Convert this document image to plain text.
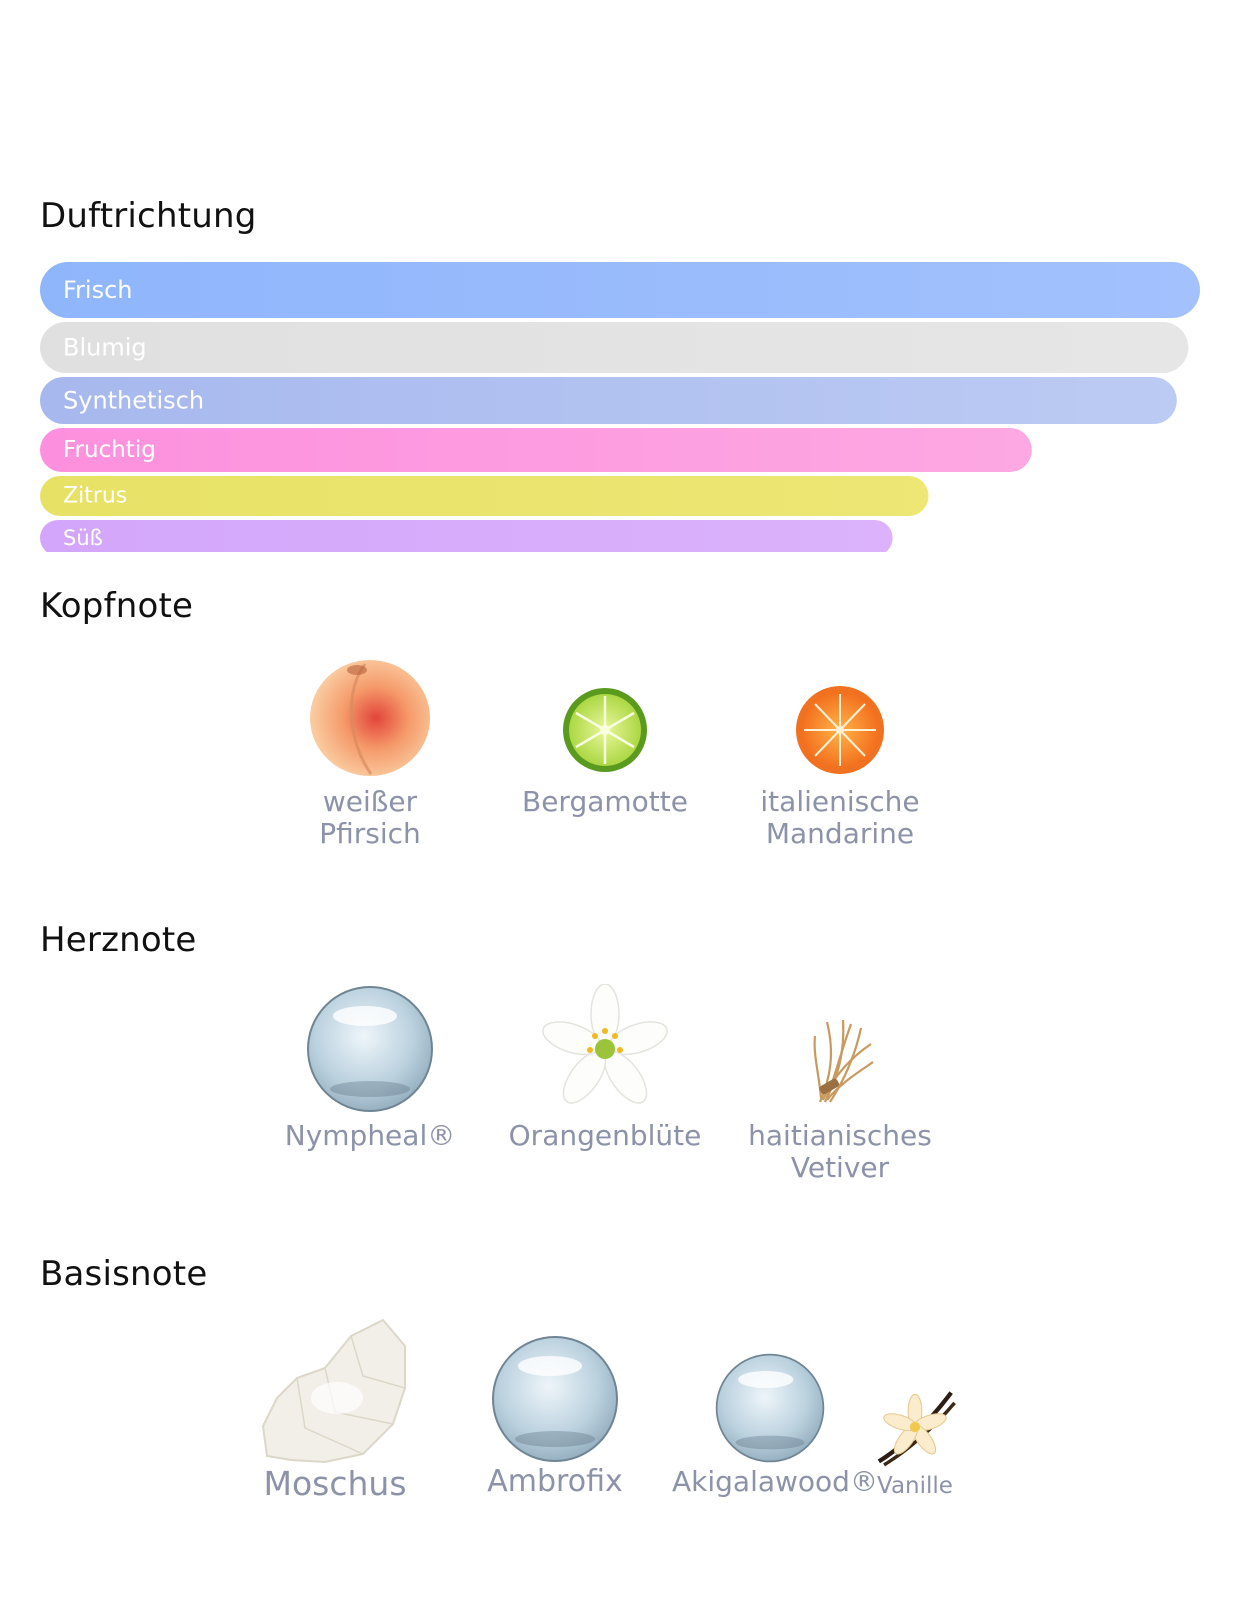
Duftrichtung
Frisch
Blumig
Synthetisch
Fruchtig
Zitrus
Süß
Kopfnote
weißer Pfirsich
Bergamotte	italienische
Mandarine
Herznote
Nympheal®	Orangenblüte haitianisches
Vetiver
Basisnote
Moschus	Ambrofix Akigalawood® Vanille
